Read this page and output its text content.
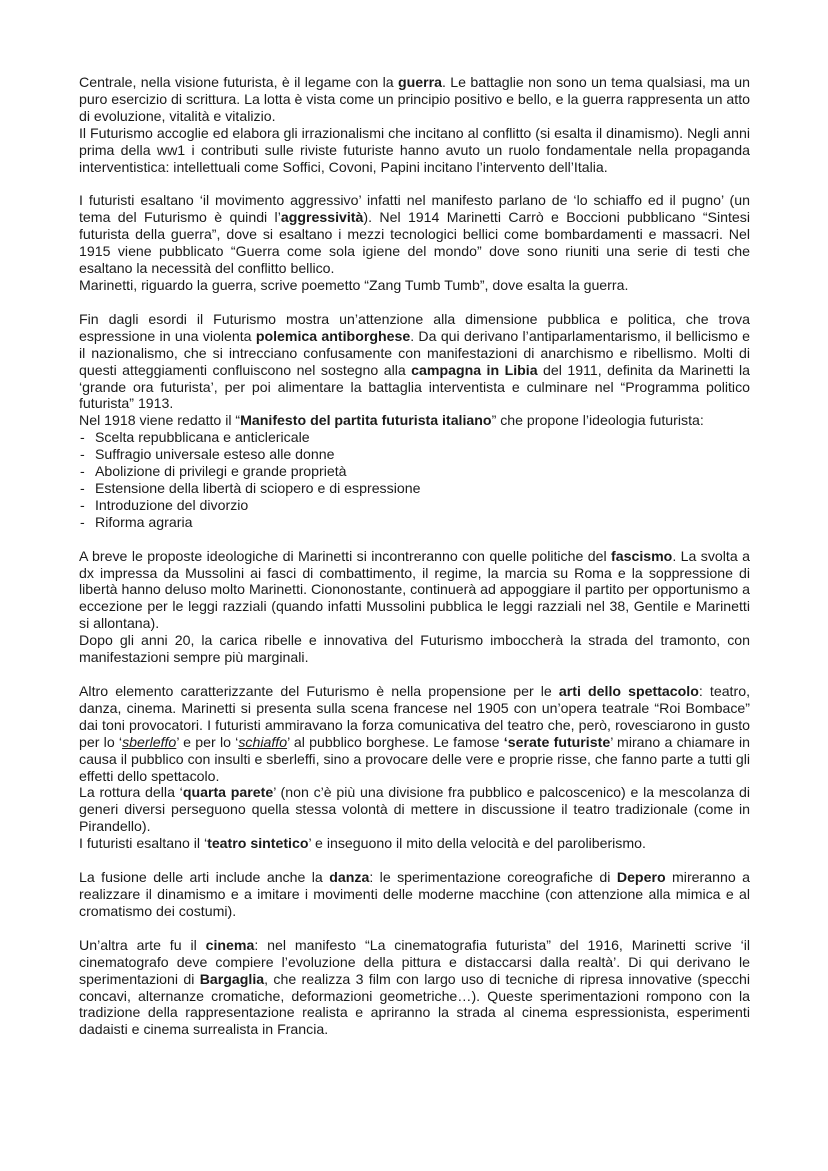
Centrale, nella visione futurista, è il legame con la guerra. Le battaglie non sono un tema qualsiasi, ma un puro esercizio di scrittura. La lotta è vista come un principio positivo e bello, e la guerra rappresenta un atto di evoluzione, vitalità e vitalizio.

Il Futurismo accoglie ed elabora gli irrazionalismi che incitano al conflitto (si esalta il dinamismo). Negli anni prima della ww1 i contributi sulle riviste futuriste hanno avuto un ruolo fondamentale nella propaganda interventistica: intellettuali come Soffici, Covoni, Papini incitano l’intervento dell’Italia.

I futuristi esaltano ‘il movimento aggressivo’ infatti nel manifesto parlano de ‘lo schiaffo ed il pugno’ (un tema del Futurismo è quindi l’aggressività). Nel 1914 Marinetti Carrò e Boccioni pubblicano “Sintesi futurista della guerra”, dove si esaltano i mezzi tecnologici bellici come bombardamenti e massacri. Nel 1915 viene pubblicato “Guerra come sola igiene del mondo” dove sono riuniti una serie di testi che esaltano la necessità del conflitto bellico.

Marinetti, riguardo la guerra, scrive poemetto “Zang Tumb Tumb”, dove esalta la guerra.

Fin dagli esordi il Futurismo mostra un’attenzione alla dimensione pubblica e politica, che trova espressione in una violenta polemica antiborghese. Da qui derivano l’antiparlamentarismo, il bellicismo e il nazionalismo, che si intrecciano confusamente con manifestazioni di anarchismo e ribellismo. Molti di questi atteggiamenti confluiscono nel sostegno alla campagna in Libia del 1911, definita da Marinetti la ‘grande ora futurista’, per poi alimentare la battaglia interventista e culminare nel “Programma politico futurista” 1913.

Nel 1918 viene redatto il “Manifesto del partita futurista italiano” che propone l’ideologia futurista:

- Scelta repubblicana e anticlericale
- Suffragio universale esteso alle donne
- Abolizione di privilegi e grande proprietà
- Estensione della libertà di sciopero e di espressione
- Introduzione del divorzio
- Riforma agraria

A breve le proposte ideologiche di Marinetti si incontreranno con quelle politiche del fascismo. La svolta a dx impressa da Mussolini ai fasci di combattimento, il regime, la marcia su Roma e la soppressione di libertà hanno deluso molto Marinetti. Ciononostante, continuerà ad appoggiare il partito per opportunismo a eccezione per le leggi razziali (quando infatti Mussolini pubblica le leggi razziali nel 38, Gentile e Marinetti si allontana).

Dopo gli anni 20, la carica ribelle e innovativa del Futurismo imboccherà la strada del tramonto, con manifestazioni sempre più marginali.

Altro elemento caratterizzante del Futurismo è nella propensione per le arti dello spettacolo: teatro, danza, cinema. Marinetti si presenta sulla scena francese nel 1905 con un’opera teatrale “Roi Bombace” dai toni provocatori. I futuristi ammiravano la forza comunicativa del teatro che, però, rovesciarono in gusto per lo ‘sberleffo’ e per lo ‘schiaffo’ al pubblico borghese. Le famose ‘serate futuriste’ mirano a chiamare in causa il pubblico con insulti e sberleffi, sino a provocare delle vere e proprie risse, che fanno parte a tutti gli effetti dello spettacolo.

La rottura della ‘quarta parete’ (non c’è più una divisione fra pubblico e palcoscenico) e la mescolanza di generi diversi perseguono quella stessa volontà di mettere in discussione il teatro tradizionale (come in Pirandello).

I futuristi esaltano il ‘teatro sintetico’ e inseguono il mito della velocità e del paroliberismo.

La fusione delle arti include anche la danza: le sperimentazione coreografiche di Depero mireranno a realizzare il dinamismo e a imitare i movimenti delle moderne macchine (con attenzione alla mimica e al cromatismo dei costumi).

Un’altra arte fu il cinema: nel manifesto “La cinematografia futurista” del 1916, Marinetti scrive ‘il cinematografo deve compiere l’evoluzione della pittura e distaccarsi dalla realtà’. Di qui derivano le sperimentazioni di Bargaglia, che realizza 3 film con largo uso di tecniche di ripresa innovative (specchi concavi, alternanze cromatiche, deformazioni geometriche…). Queste sperimentazioni rompono con la tradizione della rappresentazione realista e apriranno la strada al cinema espressionista, esperimenti dadaisti e cinema surrealista in Francia.
